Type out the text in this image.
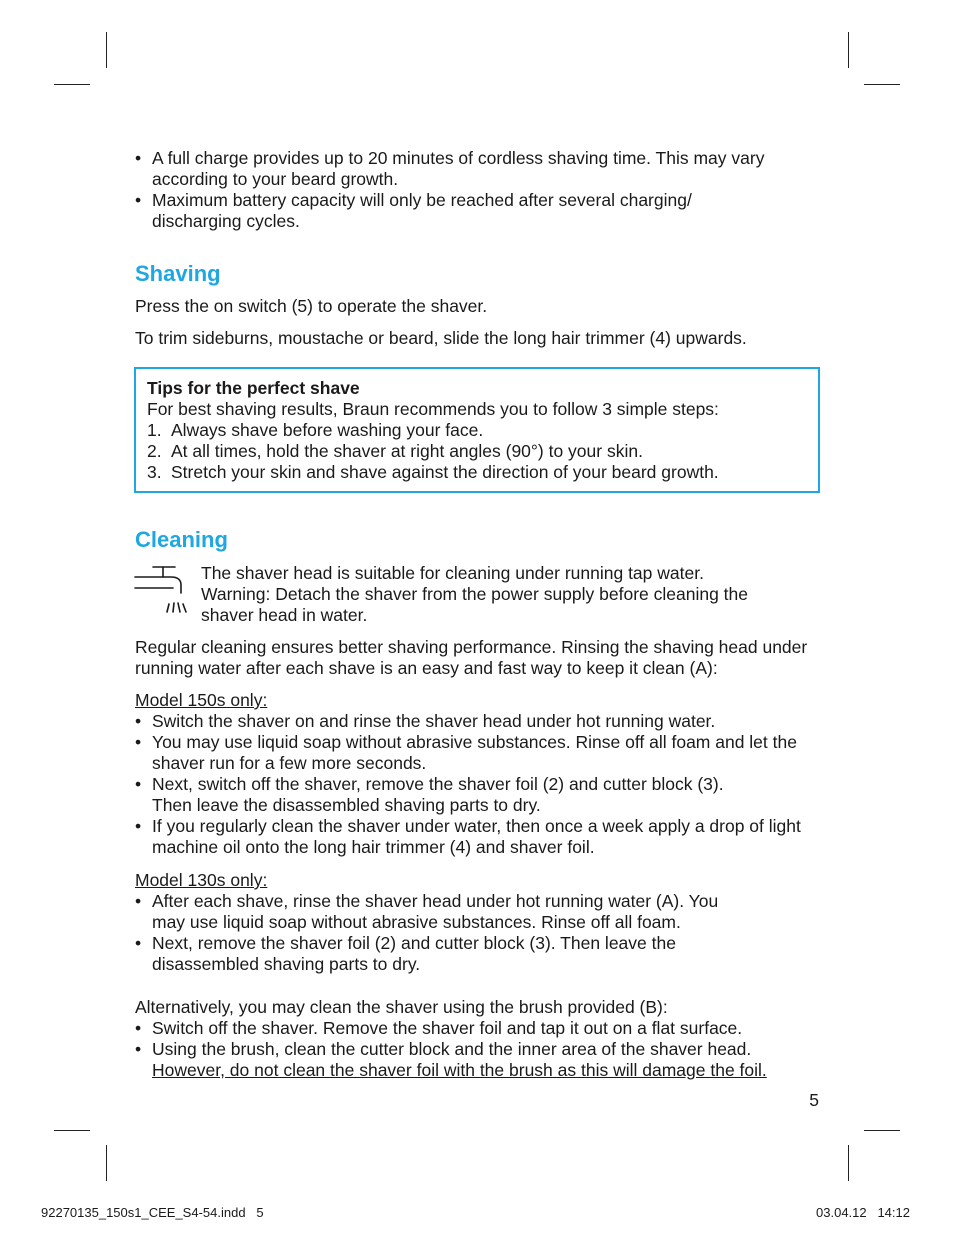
• A full charge provides up to 20 minutes of cordless shaving time. This may vary according to your beard growth.
• Maximum battery capacity will only be reached after several charging/ discharging cycles.
Shaving

Press the on switch (5) to operate the shaver.

To trim sideburns, moustache or beard, slide the long hair trimmer (4) upwards.

Tips for the perfect shave
For best shaving results, Braun recommends you to follow 3 simple steps:
1. Always shave before washing your face.
2. At all times, hold the shaver at right angles (90°) to your skin.
3. Stretch your skin and shave against the direction of your beard growth.
Cleaning

The shaver head is suitable for cleaning under running tap water.

Warning: Detach the shaver from the power supply before cleaning the

shaver head in water.

Regular cleaning ensures better shaving performance. Rinsing the shaving head under running water after each shave is an easy and fast way to keep it clean (A):

Model 150s only:

• Switch the shaver on and rinse the shaver head under hot running water.
• You may use liquid soap without abrasive substances. Rinse off all foam and let the shaver run for a few more seconds.
• Next, switch off the shaver, remove the shaver foil (2) and cutter block (3). Then leave the disassembled shaving parts to dry.
• If you regularly clean the shaver under water, then once a week apply a drop of light machine oil onto the long hair trimmer (4) and shaver foil.

Model 130s only:

• After each shave, rinse the shaver head under hot running water (A). You may use liquid soap without abrasive substances. Rinse off all foam.
• Next, remove the shaver foil (2) and cutter block (3). Then leave the disassembled shaving parts to dry.

Alternatively, you may clean the shaver using the brush provided (B):

• Switch off the shaver. Remove the shaver foil and tap it out on a flat surface.
• Using the brush, clean the cutter block and the inner area of the shaver head.
However, do not clean the shaver foil with the brush as this will damage the foil.
5
92270135_150s1_CEE_S4-54.indd   5	03.04.12   14:12
